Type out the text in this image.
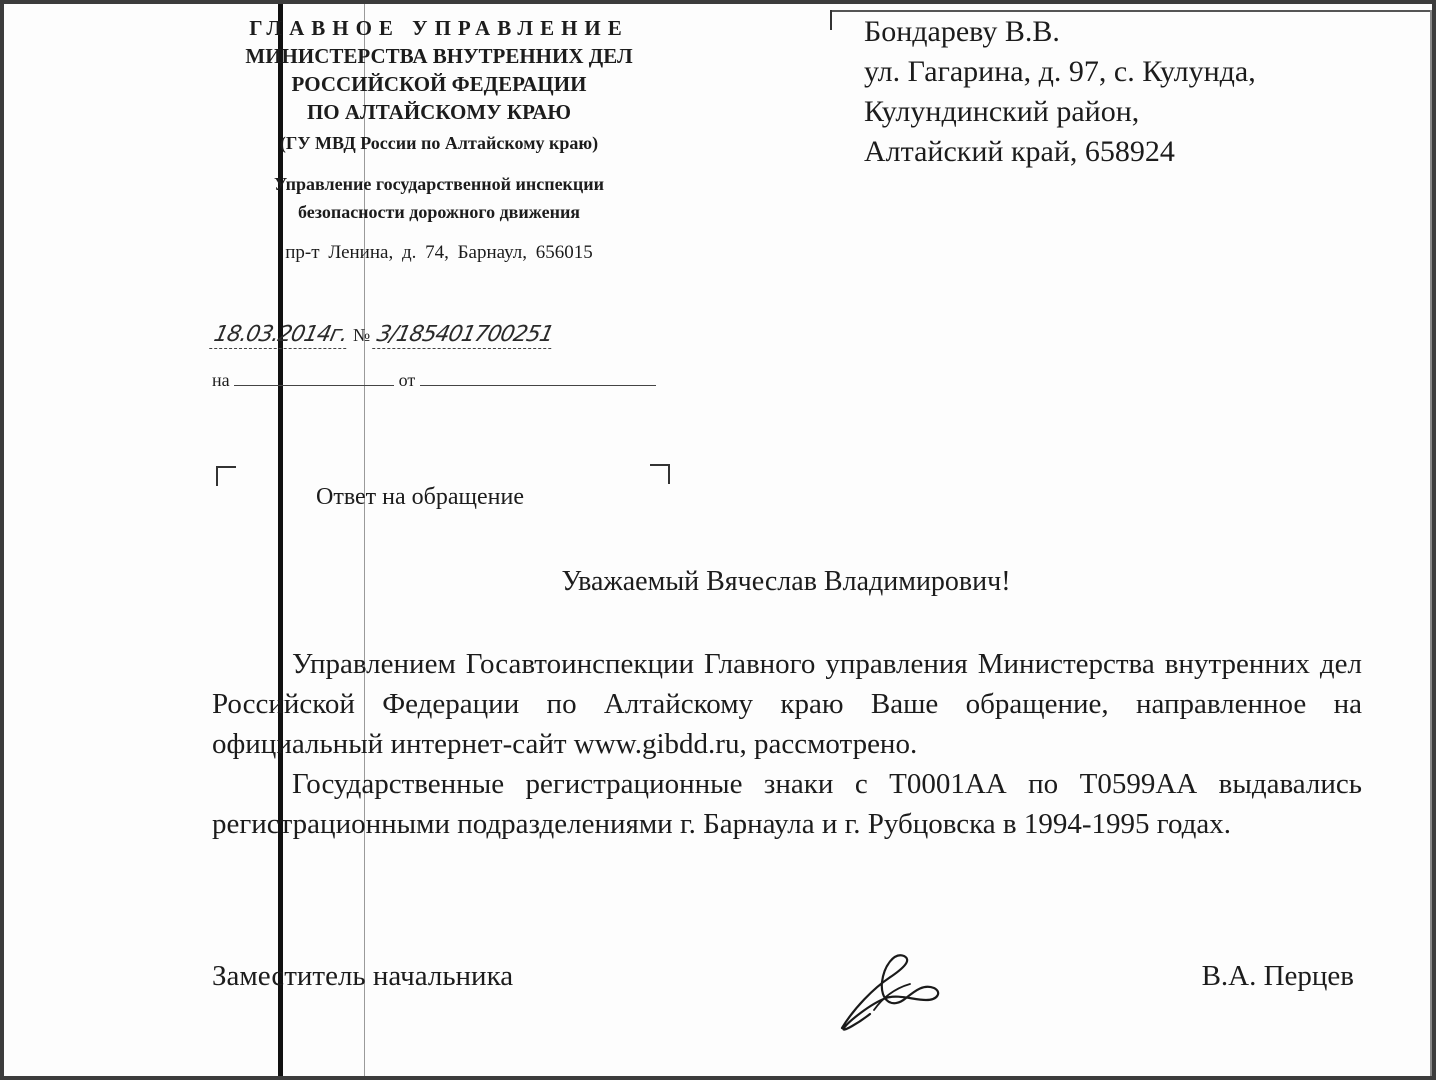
ГЛАВНОЕ УПРАВЛЕНИЕ
МИНИСТЕРСТВА ВНУТРЕННИХ ДЕЛ
РОССИЙСКОЙ ФЕДЕРАЦИИ
ПО АЛТАЙСКОМУ КРАЮ
(ГУ МВД России по Алтайскому краю)
Управление государственной инспекции
безопасности дорожного движения
пр-т Ленина, д. 74, Барнаул, 656015
18.03.2014г. № 3/185401700251
на	от
Бондареву В.В.
ул. Гагарина, д. 97, с. Кулунда,
Кулундинский район,
Алтайский край, 658924
Ответ на обращение
Уважаемый Вячеслав Владимирович!

Управлением Госавтоинспекции Главного управления Министерства внутренних дел Российской Федерации по Алтайскому краю Ваше обращение, направленное на официальный интернет-сайт www.gibdd.ru, рассмотрено.

Государственные регистрационные знаки с Т0001АА по Т0599АА выдавались регистрационными подразделениями г. Барнаула и г. Рубцовска в 1994-1995 годах.

Заместитель начальника	В.А. Перцев
